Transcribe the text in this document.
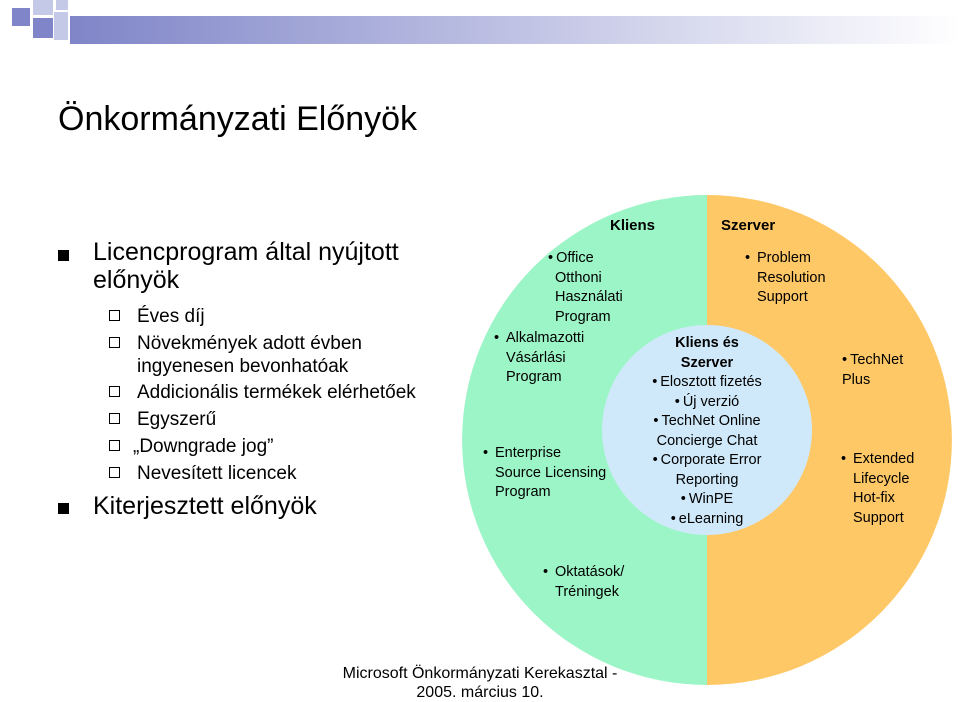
Önkormányzati Előnyök
Licencprogram által nyújtott
előnyök
Éves díj
Növekmények adott évben
ingyenesen bevonhatóak
Addicionális termékek elérhetőek
Egyszerű
„Downgrade jog”
Nevesített licencek
Kiterjesztett előnyök
Kliens	Szerver
• Office
Otthoni
Használati
Program
• Alkalmazotti
Vásárlási
Program
• Enterprise
Source Licensing
Program
• Problem
Resolution
Support
• TechNet
Plus
• Extended
Lifecycle
Hot-fix
Support
• Oktatások/
Tréningek
Kliens és
Szerver
• Elosztott fizetés
• Új verzió
• TechNet Online
Concierge Chat
• Corporate Error
Reporting
• WinPE
• eLearning
Microsoft Önkormányzati Kerekasztal -
2005. március 10.
